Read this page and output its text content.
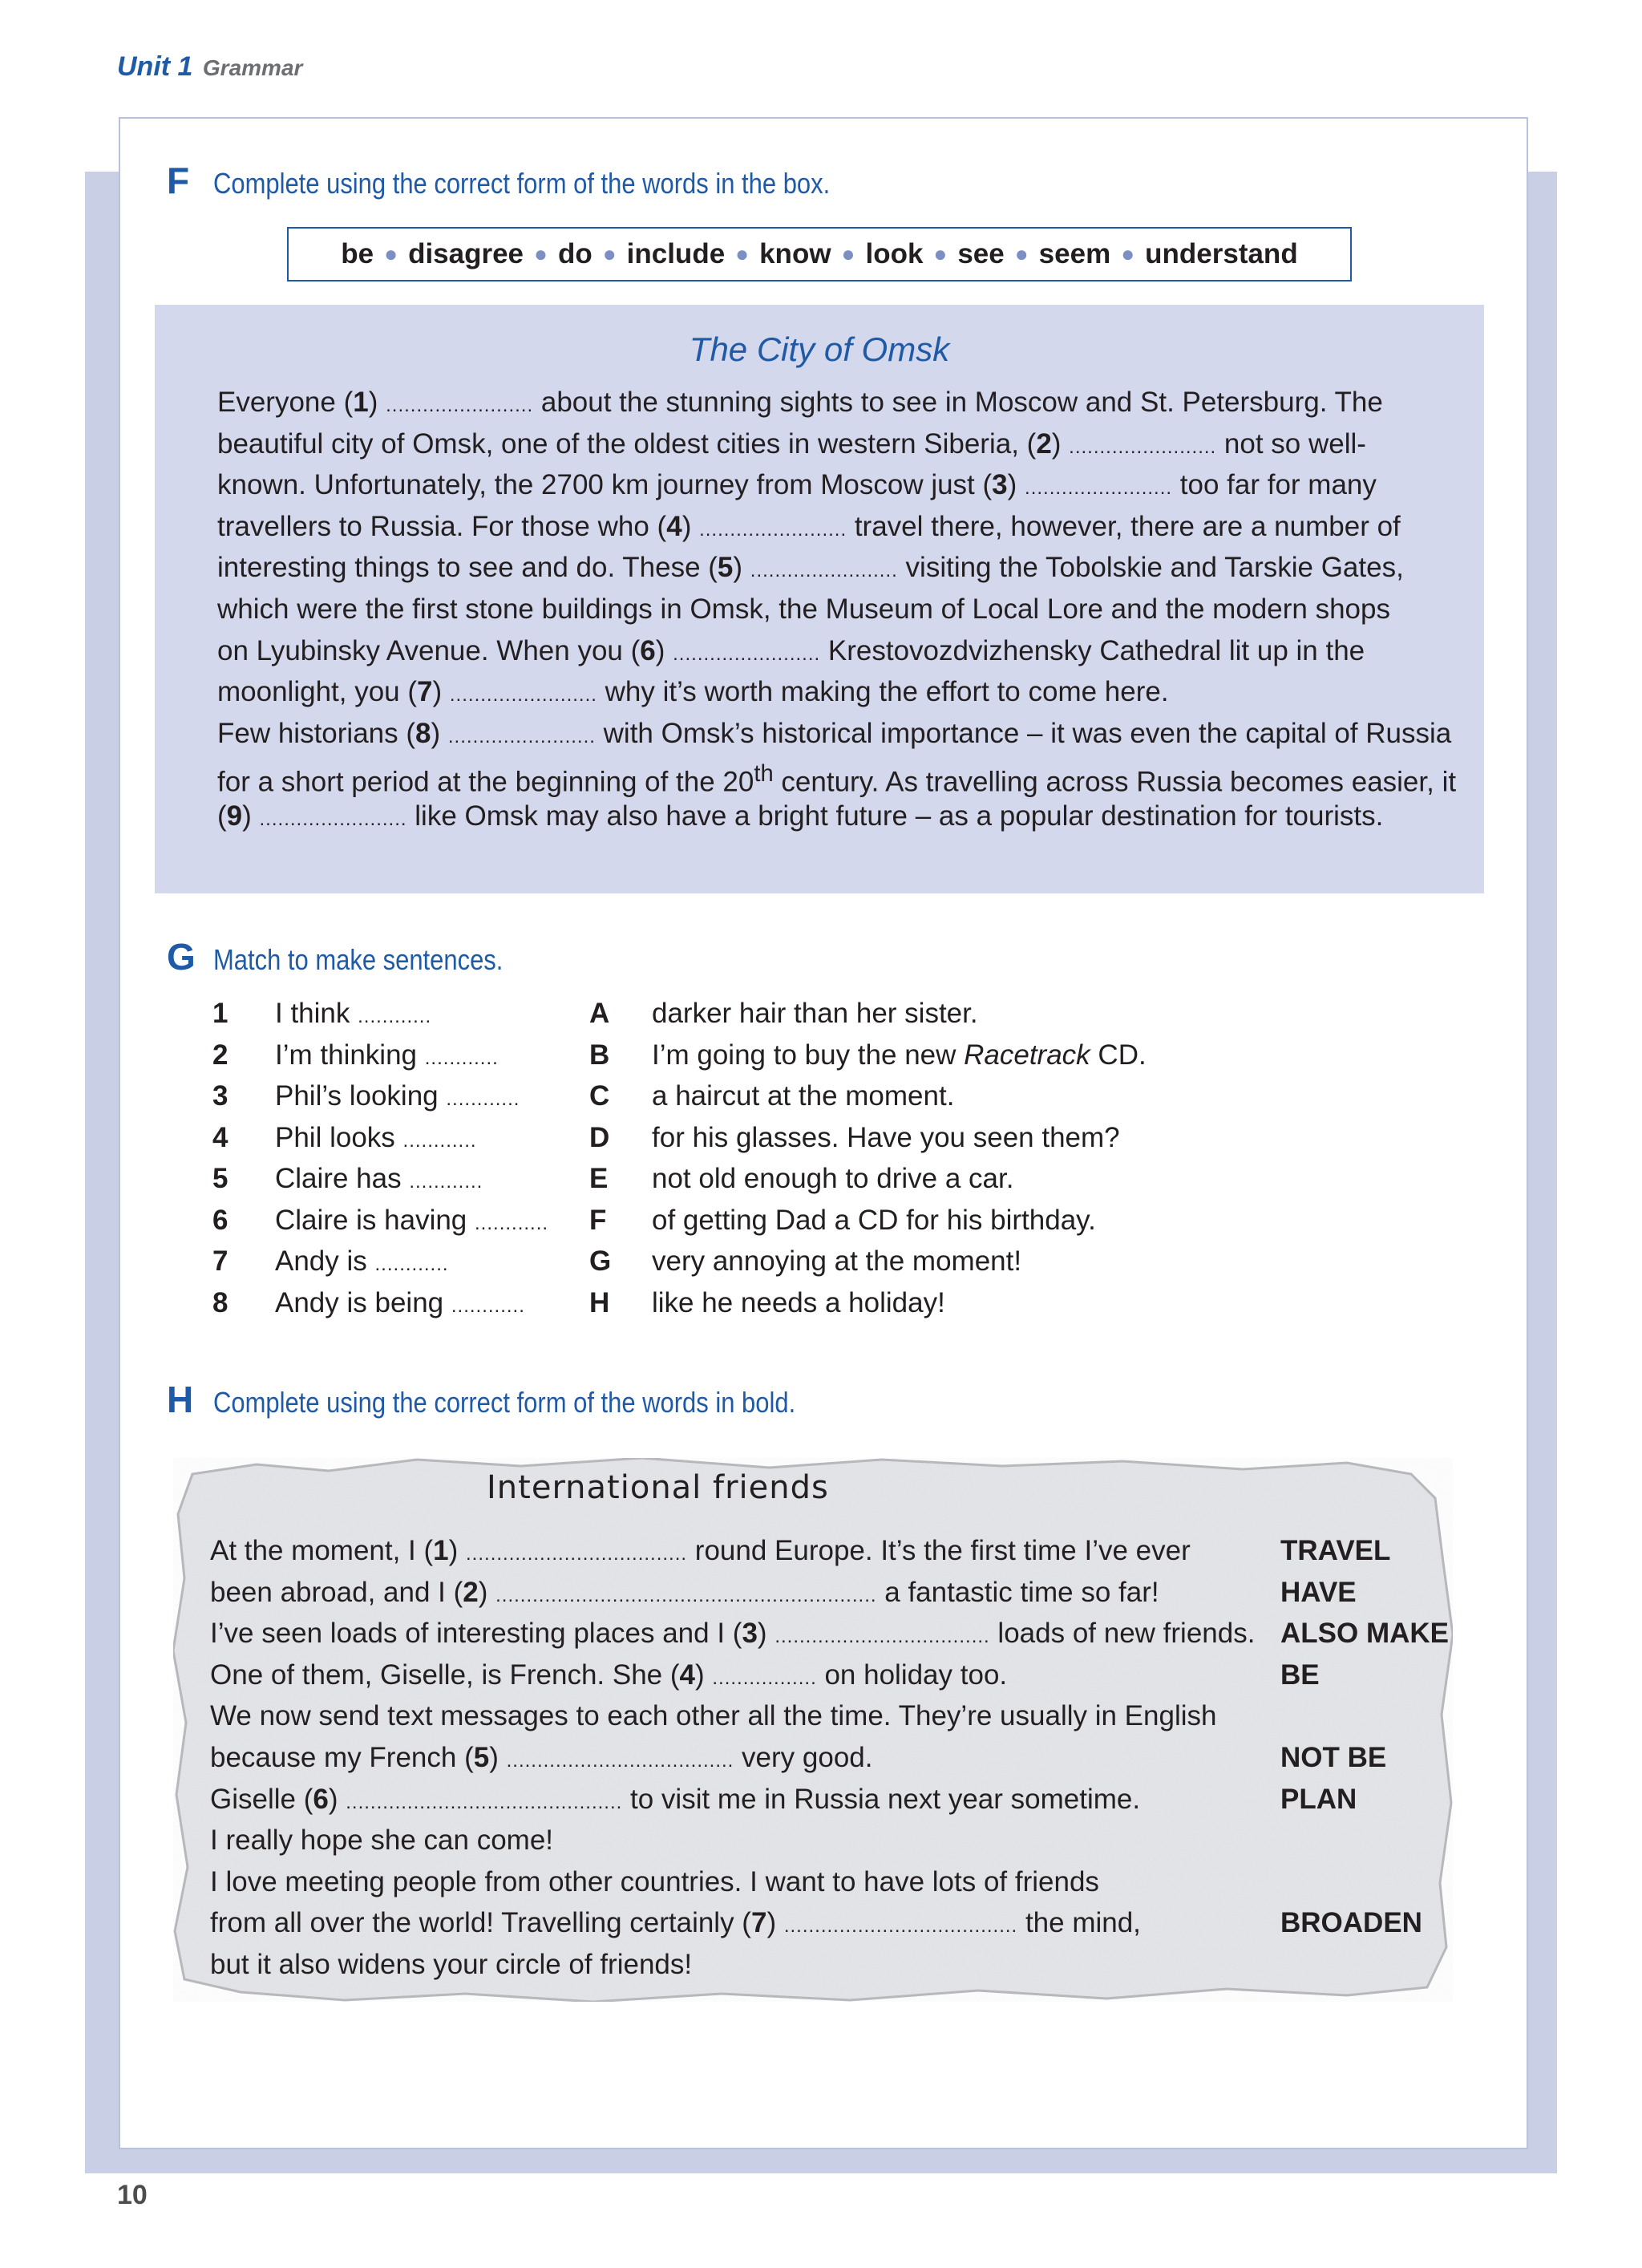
Unit 1 Grammar
F Complete using the correct form of the words in the box.
be ● disagree ● do ● include ● know ● look ● see ● seem ● understand
The City of Omsk
Everyone (1) ........................ about the stunning sights to see in Moscow and St. Petersburg. The
beautiful city of Omsk, one of the oldest cities in western Siberia, (2) ........................ not so well-
known. Unfortunately, the 2700 km journey from Moscow just (3) ........................ too far for many
travellers to Russia. For those who (4) ........................ travel there, however, there are a number of
interesting things to see and do. These (5) ........................ visiting the Tobolskie and Tarskie Gates,
which were the first stone buildings in Omsk, the Museum of Local Lore and the modern shops
on Lyubinsky Avenue. When you (6) ........................ Krestovozdvizhensky Cathedral lit up in the
moonlight, you (7) ........................ why it’s worth making the effort to come here.
Few historians (8) ........................ with Omsk’s historical importance – it was even the capital of Russia
for a short period at the beginning of the 20th century. As travelling across Russia becomes easier, it
(9) ........................ like Omsk may also have a bright future – as a popular destination for tourists.
G Match to make sentences.
1 I think ............	A darker hair than her sister.
2 I’m thinking ............	B I’m going to buy the new Racetrack CD.
3 Phil’s looking ............ C a haircut at the moment.
4 Phil looks ............	D for his glasses. Have you seen them?
5 Claire has ............	E not old enough to drive a car.
6 Claire is having ............ F of getting Dad a CD for his birthday.
7 Andy is ............	G very annoying at the moment!
8 Andy is being ............ H like he needs a holiday!
H Complete using the correct form of the words in bold.
International friends
At the moment, I (1) .................................... round Europe. It’s the first time I’ve ever	TRAVEL
been abroad, and I (2) .............................................................. a fantastic time so far!	HAVE
I’ve seen loads of interesting places and I (3) ................................... loads of new friends. ALSO MAKE
One of them, Giselle, is French. She (4) ................. on holiday too.	BE
We now send text messages to each other all the time. They’re usually in English
because my French (5) ..................................... very good.	NOT BE
Giselle (6) ............................................. to visit me in Russia next year sometime.	PLAN
I really hope she can come!
I love meeting people from other countries. I want to have lots of friends
from all over the world! Travelling certainly (7) ...................................... the mind,	BROADEN
but it also widens your circle of friends!
10
